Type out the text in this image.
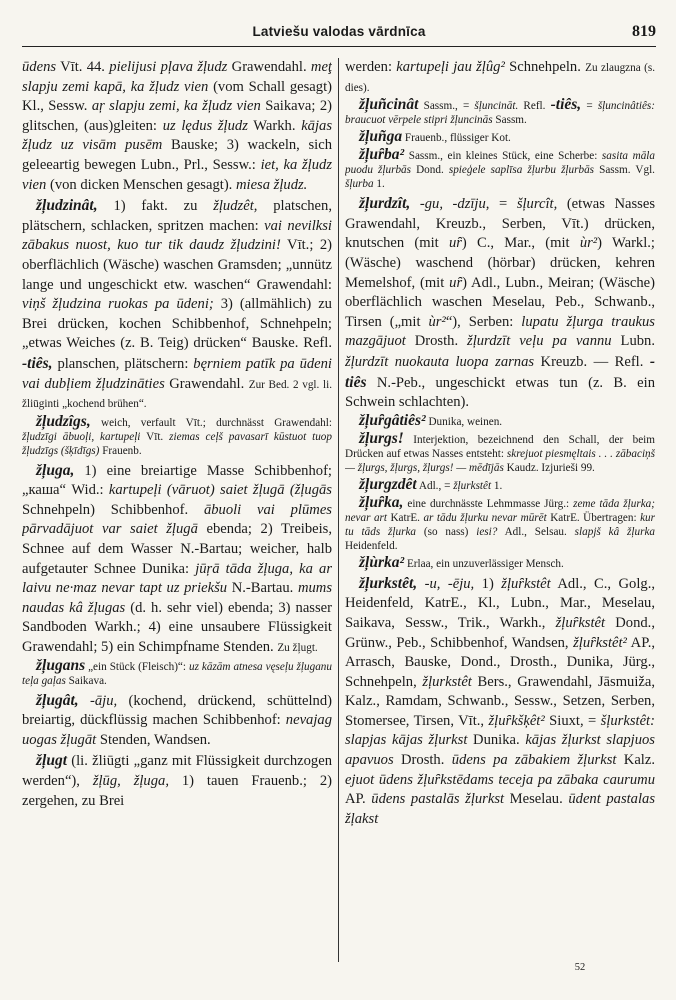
Latviešu valodas vārdnīca	819

ūdens Vīt. 44. pielijusi pļava žļudz Grawendahl. meţ slapju zemi kapā, ka žļudz vien (vom Schall gesagt) Kl., Sessw. aŗ slapju zemi, ka žļudz vien Saikava; 2) glitschen, (aus)gleiten: uz lędus žļudz Warkh. kājas žļudz uz visām pusēm Bauske; 3) wackeln, sich geleeartig bewegen Lubn., Prl., Sessw.: iet, ka žļudz vien (von dicken Menschen gesagt). miesa žļudz.

žļudzinât, 1) fakt. zu žļudzêt, platschen, plätschern, schlacken, spritzen machen: vai nevilksi zābakus nuost, kuo tur tik daudz žļudzini! Vīt.; 2) oberflächlich (Wäsche) waschen Gramsden; „unnütz lange und ungeschickt etw. waschen“ Grawendahl: viņš žļudzina ruokas pa ūdeni; 3) (allmählich) zu Brei drücken, kochen Schibbenhof, Schnehpeln; „etwas Weiches (z. B. Teig) drücken“ Bauske. Refl. -tiês, planschen, plätschern: bęrniem patīk pa ūdeni vai dubļiem žļudzināties Grawendahl. Zur Bed. 2 vgl. li. žliūginti „kochend brühen“.

žļudzîgs, weich, verfault Vīt.; durchnässt Grawendahl: žļudzīgi ābuoļi, kartupeļi Vīt. ziemas ceļš pavasarī kūstuot tuop žļudzīgs (šķīdīgs) Frauenb.

žļuga, 1) eine breiartige Masse Schibbenhof; „каша“ Wid.: kartupeļi (vāruot) saiet žļugā (žļugās Schnehpeln) Schibbenhof. ābuoli vai plūmes pārvadājuot var saiet žļugā ebenda; 2) Treibeis, Schnee auf dem Wasser N.-Bartau; weicher, halb aufgetauter Schnee Dunika: jūŗā tāda žļuga, ka ar laivu ne·maz nevar tapt uz priekšu N.-Bartau. mums naudas kâ žļugas (d. h. sehr viel) ebenda; 3) nasser Sandboden Warkh.; 4) eine unsaubere Flüssigkeit Grawendahl; 5) ein Schimpfname Stenden. Zu žļugt.

žļugans „ein Stück (Fleisch)“: uz kāzām atnesa vęseļu žļuganu teļa gaļas Saikava.

žļugât, -āju, (kochend, drückend, schüttelnd) breiartig, dückflüssig machen Schibbenhof: nevajag uogas žļugāt Stenden, Wandsen.

žļugt (li. žliūgti „ganz mit Flüssigkeit durchzogen werden“), žļūg, žļuga, 1) tauen Frauenb.; 2) zergehen, zu Brei

werden: kartupeļi jau žļûg² Schnehpeln. Zu zlaugzna (s. dies).

žļuñcinât Sassm., = šļuncināt. Refl. -tiês, = šļuncinâtiês: braucuot vērpele stipri žļuncinās Sassm.

žļuñga Frauenb., flüssiger Kot.

žļuȓba² Sassm., ein kleines Stück, eine Scherbe: sasita māla puodu žļurbās Dond. spieģele saplīsa žļurbu žļurbās Sassm. Vgl. šļurba 1.

žļurdzît, -gu, -dzīju, = šļurcît, (etwas Nasses Grawendahl, Kreuzb., Serben, Vīt.) drücken, knutschen (mit uȓ) C., Mar., (mit ùr²) Warkl.; (Wäsche) waschend (hörbar) drücken, kehren Memelshof, (mit uȓ) Adl., Lubn., Meiran; (Wäsche) oberflächlich waschen Meselau, Peb., Schwanb., Tirsen („mit ùr²“), Serben: lupatu žļurga traukus mazgājuot Drosth. žļurdzīt veļu pa vannu Lubn. žļurdzīt nuokauta luopa zarnas Kreuzb. — Refl. -tiês N.-Peb., ungeschickt etwas tun (z. B. ein Schwein schlachten).

žļuȓgâtiês² Dunika, weinen.

žļurgs! Interjektion, bezeichnend den Schall, der beim Drücken auf etwas Nasses entsteht: skrejuot piesmęltais . . . zābaciņš — žļurgs, žļurgs, žļurgs! — mēdījās Kaudz. Izjurieši 99.

žļurgzdêt Adl., = žļurkstêt 1.

žļuȓka, eine durchnässte Lehmmasse Jürg.: zeme tāda žļurka; nevar art KatrE. ar tādu žļurku nevar mūrēt KatrE. Übertragen: kur tu tāds žļurka (so nass) iesi? Adl., Selsau. slapjš kâ žļurka Heidenfeld.

žļùrka² Erlaa, ein unzuverlässiger Mensch.

žļurkstêt, -u, -ēju, 1) žļuȓkstêt Adl., C., Golg., Heidenfeld, KatrE., Kl., Lubn., Mar., Meselau, Saikava, Sessw., Trik., Warkh., žļuȓkstêt Dond., Grünw., Peb., Schibbenhof, Wandsen, žļuȓkstêt² AP., Arrasch, Bauske, Dond., Drosth., Dunika, Jürg., Schnehpeln, žļurkstêt Bers., Grawendahl, Jāsmuiža, Kalz., Ramdam, Schwanb., Sessw., Setzen, Serben, Stomersee, Tirsen, Vīt., žļuȓkšķêt² Siuxt, = šļurkstêt: slapjas kājas žļurkst Dunika. kājas žļurkst slapjuos apavuos Drosth. ūdens pa zābakiem žļurkst Kalz. ejuot ūdens žļuȓkstēdams teceja pa zābaka caurumu AP. ūdens pastalās žļurkst Meselau. ūdent pastalas žļakst

52
